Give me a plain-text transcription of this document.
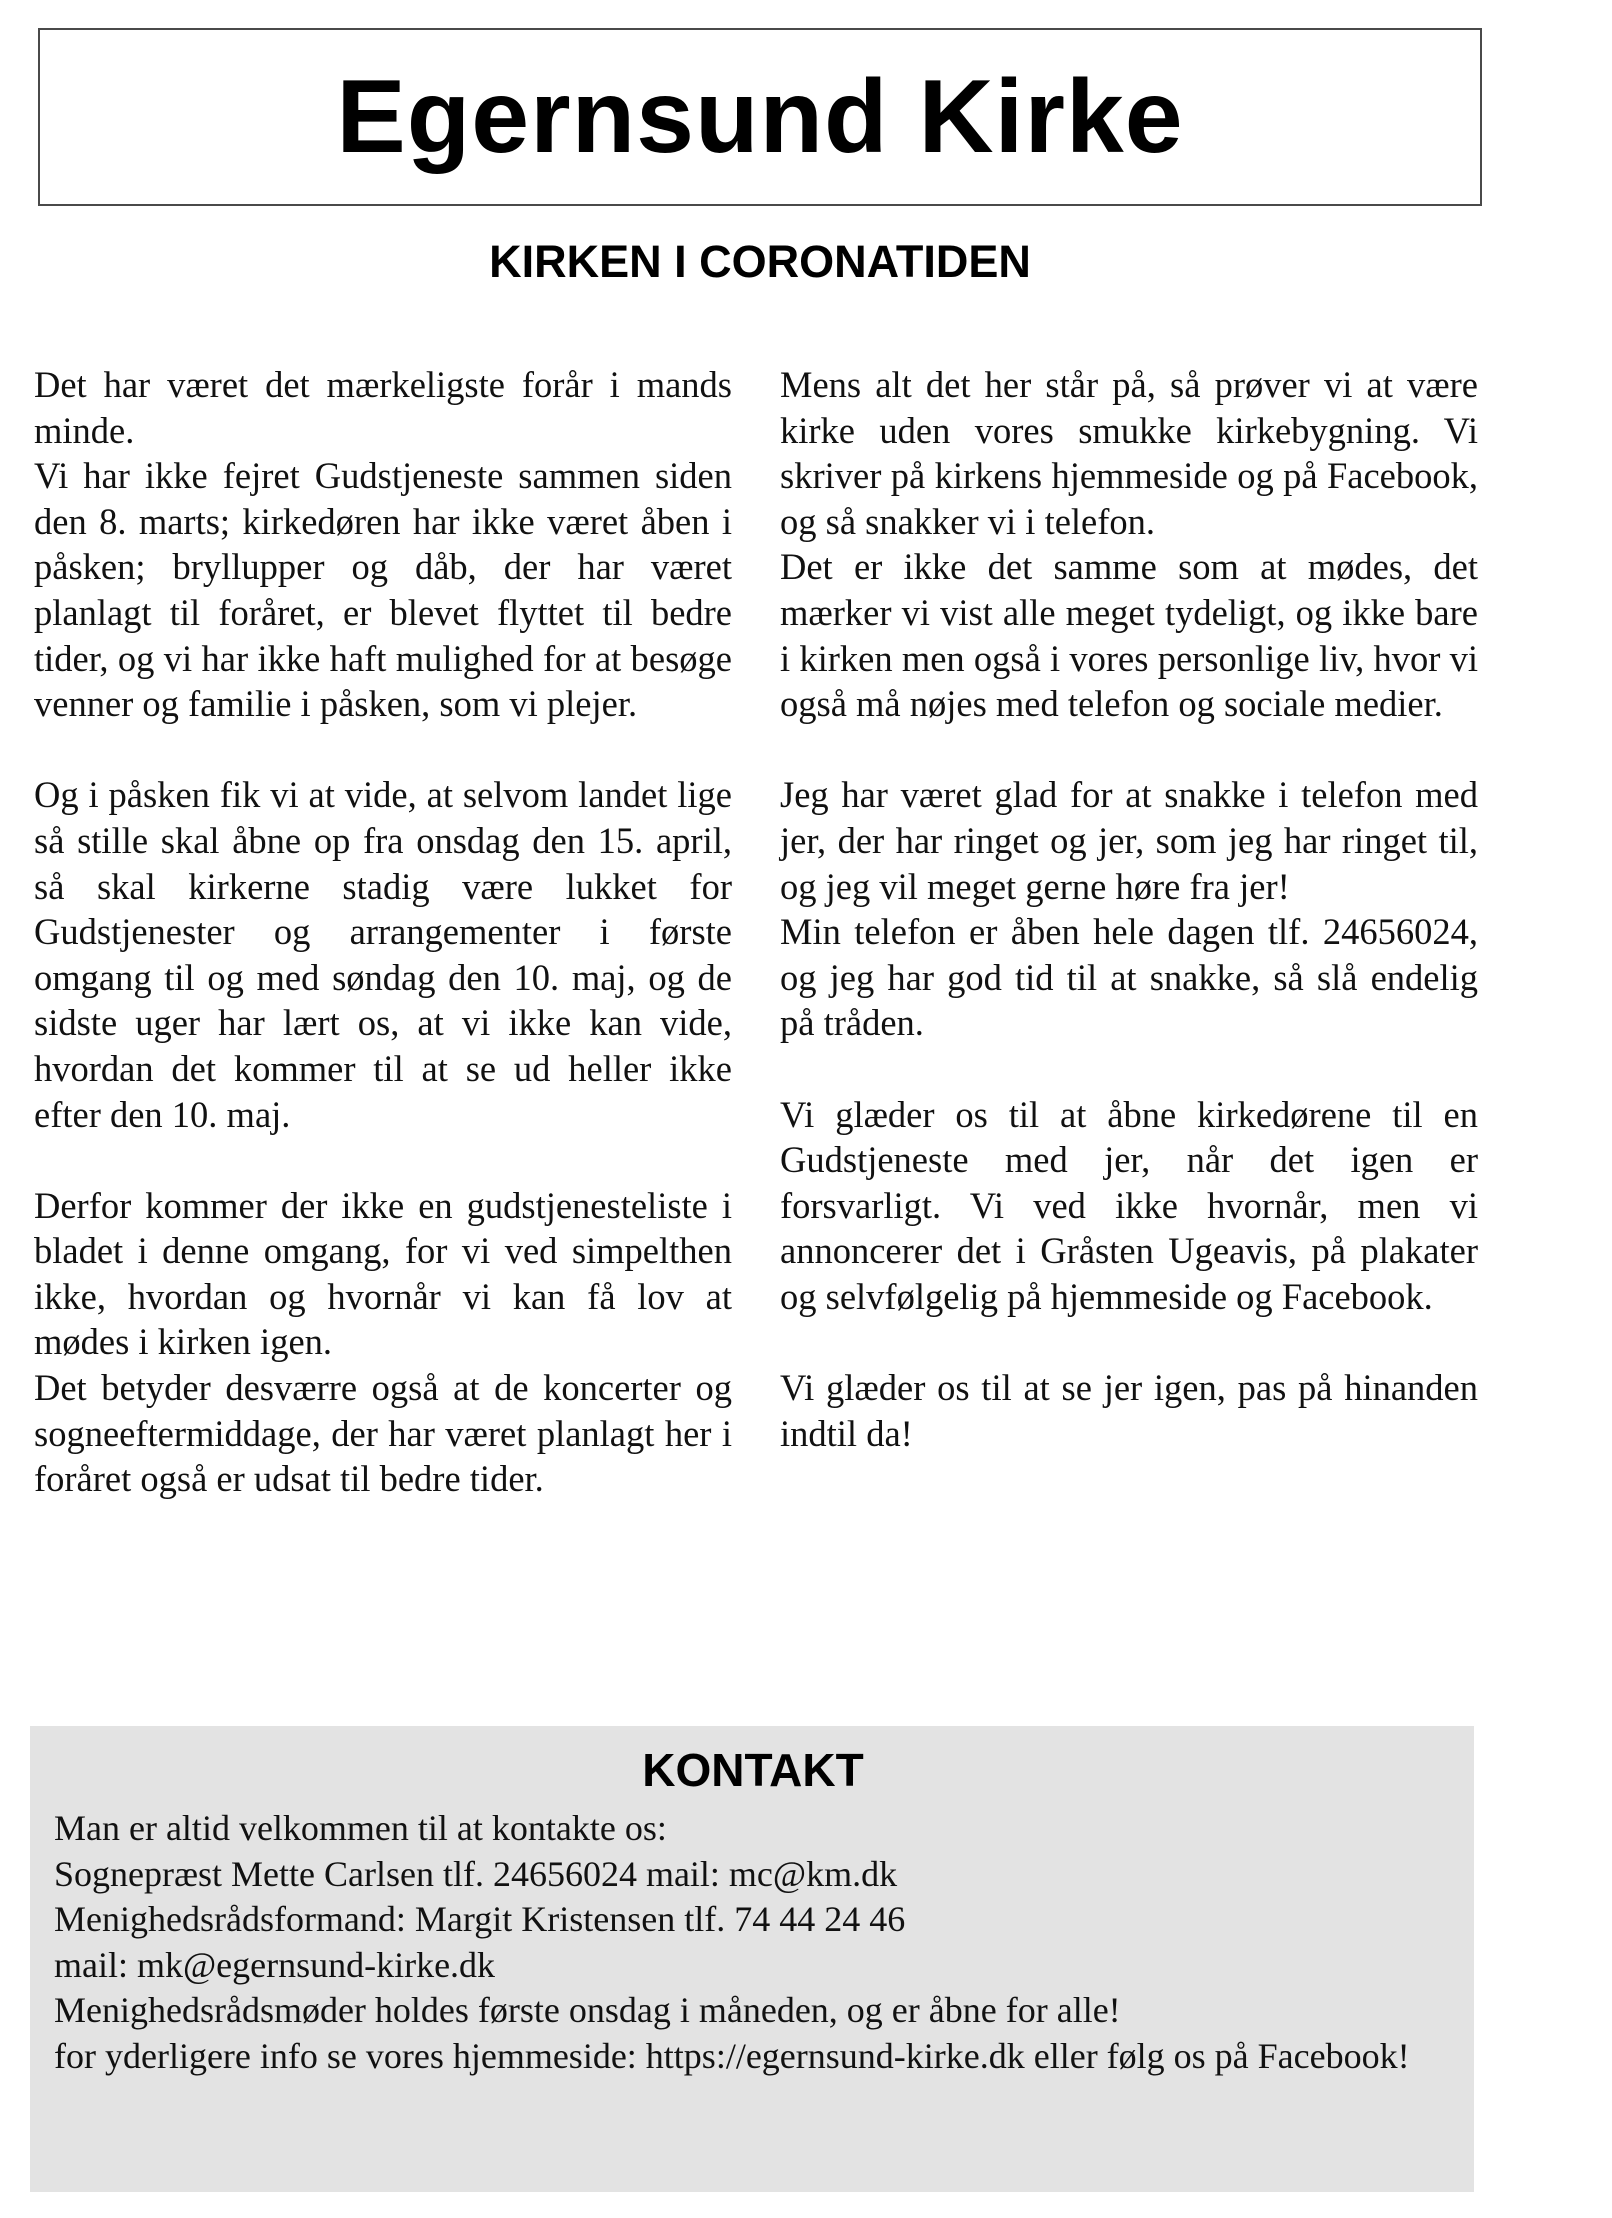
Egernsund Kirke
KIRKEN I CORONATIDEN

Det har været det mærkeligste forår i mands minde.

Vi har ikke fejret Gudstjeneste sammen siden den 8. marts; kirkedøren har ikke været åben i påsken; bryllupper og dåb, der har været planlagt til foråret, er blevet flyttet til bedre tider, og vi har ikke haft mulighed for at besøge venner og familie i påsken, som vi plejer.

Og i påsken fik vi at vide, at selvom landet lige så stille skal åbne op fra onsdag den 15. april, så skal kirkerne stadig være lukket for Gudstjenester og arrangementer i første omgang til og med søndag den 10. maj, og de sidste uger har lært os, at vi ikke kan vide, hvordan det kommer til at se ud heller ikke efter den 10. maj.

Derfor kommer der ikke en gudstjenesteliste i bladet i denne omgang, for vi ved simpelthen ikke, hvordan og hvornår vi kan få lov at mødes i kirken igen.

Det betyder desværre også at de koncerter og sogneeftermiddage, der har været planlagt her i foråret også er udsat til bedre tider.

Mens alt det her står på, så prøver vi at være kirke uden vores smukke kirkebygning. Vi skriver på kirkens hjemmeside og på Facebook, og så snakker vi i telefon.

Det er ikke det samme som at mødes, det mærker vi vist alle meget tydeligt, og ikke bare i kirken men også i vores personlige liv, hvor vi også må nøjes med telefon og sociale medier.

Jeg har været glad for at snakke i telefon med jer, der har ringet og jer, som jeg har ringet til, og jeg vil meget gerne høre fra jer!

Min telefon er åben hele dagen tlf. 24656024, og jeg har god tid til at snakke, så slå endelig på tråden.

Vi glæder os til at åbne kirkedørene til en Gudstjeneste med jer, når det igen er forsvarligt. Vi ved ikke hvornår, men vi annoncerer det i Gråsten Ugeavis, på plakater og selvfølgelig på hjemmeside og Facebook.

Vi glæder os til at se jer igen, pas på hinanden indtil da!

KONTAKT

Man er altid velkommen til at kontakte os:

Sognepræst Mette Carlsen tlf. 24656024 mail: mc@km.dk

Menighedsrådsformand: Margit Kristensen tlf. 74 44 24 46

mail: mk@egernsund-kirke.dk

Menighedsrådsmøder holdes første onsdag i måneden, og er åbne for alle!

for yderligere info se vores hjemmeside: https://egernsund-kirke.dk eller følg os på Facebook!
